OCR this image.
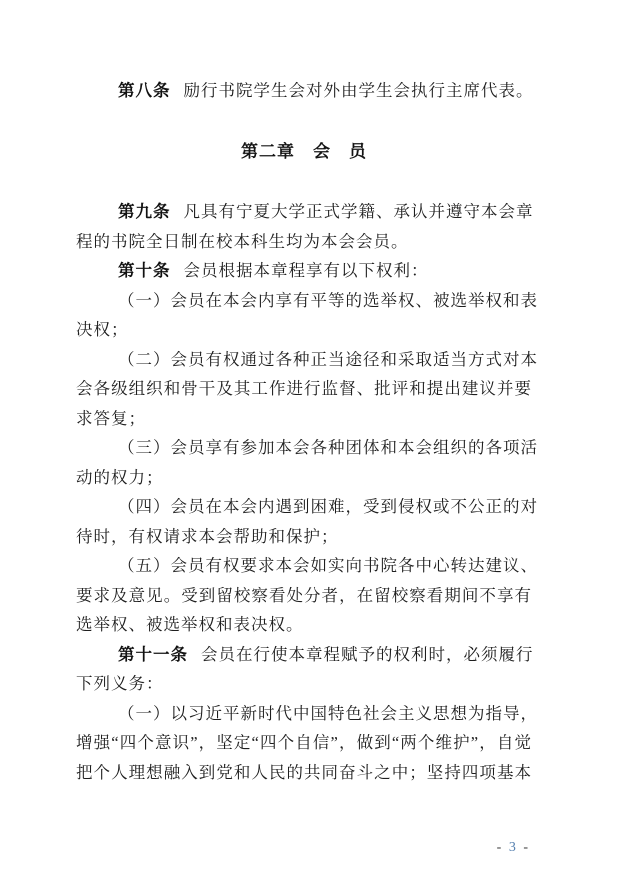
第八条 励行书院学生会对外由学生会执行主席代表。
第二章　会　员
第九条 凡具有宁夏大学正式学籍、承认并遵守本会章
程的书院全日制在校本科生均为本会会员。
第十条 会员根据本章程享有以下权利：
（一）会员在本会内享有平等的选举权、被选举权和表
决权；
（二）会员有权通过各种正当途径和采取适当方式对本
会各级组织和骨干及其工作进行监督、批评和提出建议并要
求答复；
（三）会员享有参加本会各种团体和本会组织的各项活
动的权力；
（四）会员在本会内遇到困难，受到侵权或不公正的对
待时，有权请求本会帮助和保护；
（五）会员有权要求本会如实向书院各中心转达建议、
要求及意见。受到留校察看处分者，在留校察看期间不享有
选举权、被选举权和表决权。
第十一条 会员在行使本章程赋予的权利时，必须履行
下列义务：
（一）以习近平新时代中国特色社会主义思想为指导，
增强“四个意识”，坚定“四个自信”，做到“两个维护”，自觉
把个人理想融入到党和人民的共同奋斗之中；坚持四项基本
- 3 -
